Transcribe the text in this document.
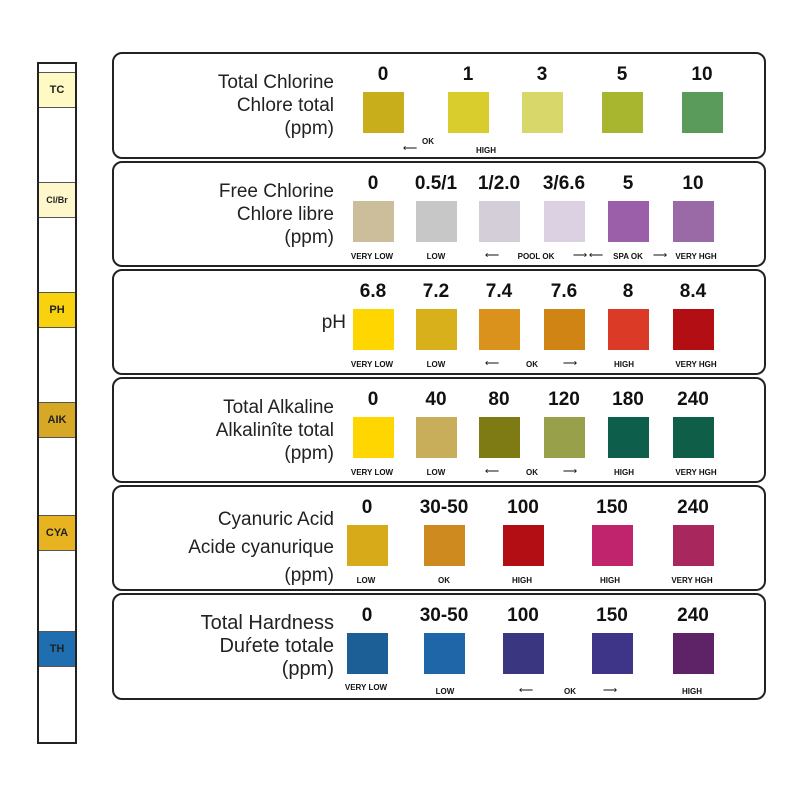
TC
Cl/Br
PH
AIK
CYA
TH
Total Chlorine
Chlore total
(ppm)
0	1	3	5	10
⟵
OK
HIGH
Free Chlorine
Chlore libre
(ppm)
0	0.5/1	1/2.0	3/6.6	5	10
VERY LOW	LOW	⟵ POOL OK ⟶ ⟵ SPA OK ⟶ VERY HGH
pH
6.8	7.2	7.4	7.6	8	8.4
VERY LOW	LOW	⟵	OK ⟶	HIGH	VERY HGH
Total Alkaline
Alkalinîte total
(ppm)
0	40	80	120	180	240
VERY LOW	LOW	⟵	OK ⟶	HIGH	VERY HGH
Cyanuric Acid
Acide cyanurique
(ppm)
0	30-50	100	150	240
LOW	OK	HIGH	HIGH	VERY HGH
Total Hardness
Duŕete totale
(ppm)
0	30-50	100	150	240
VERY LOW	LOW	⟵	OK	⟶	HIGH
